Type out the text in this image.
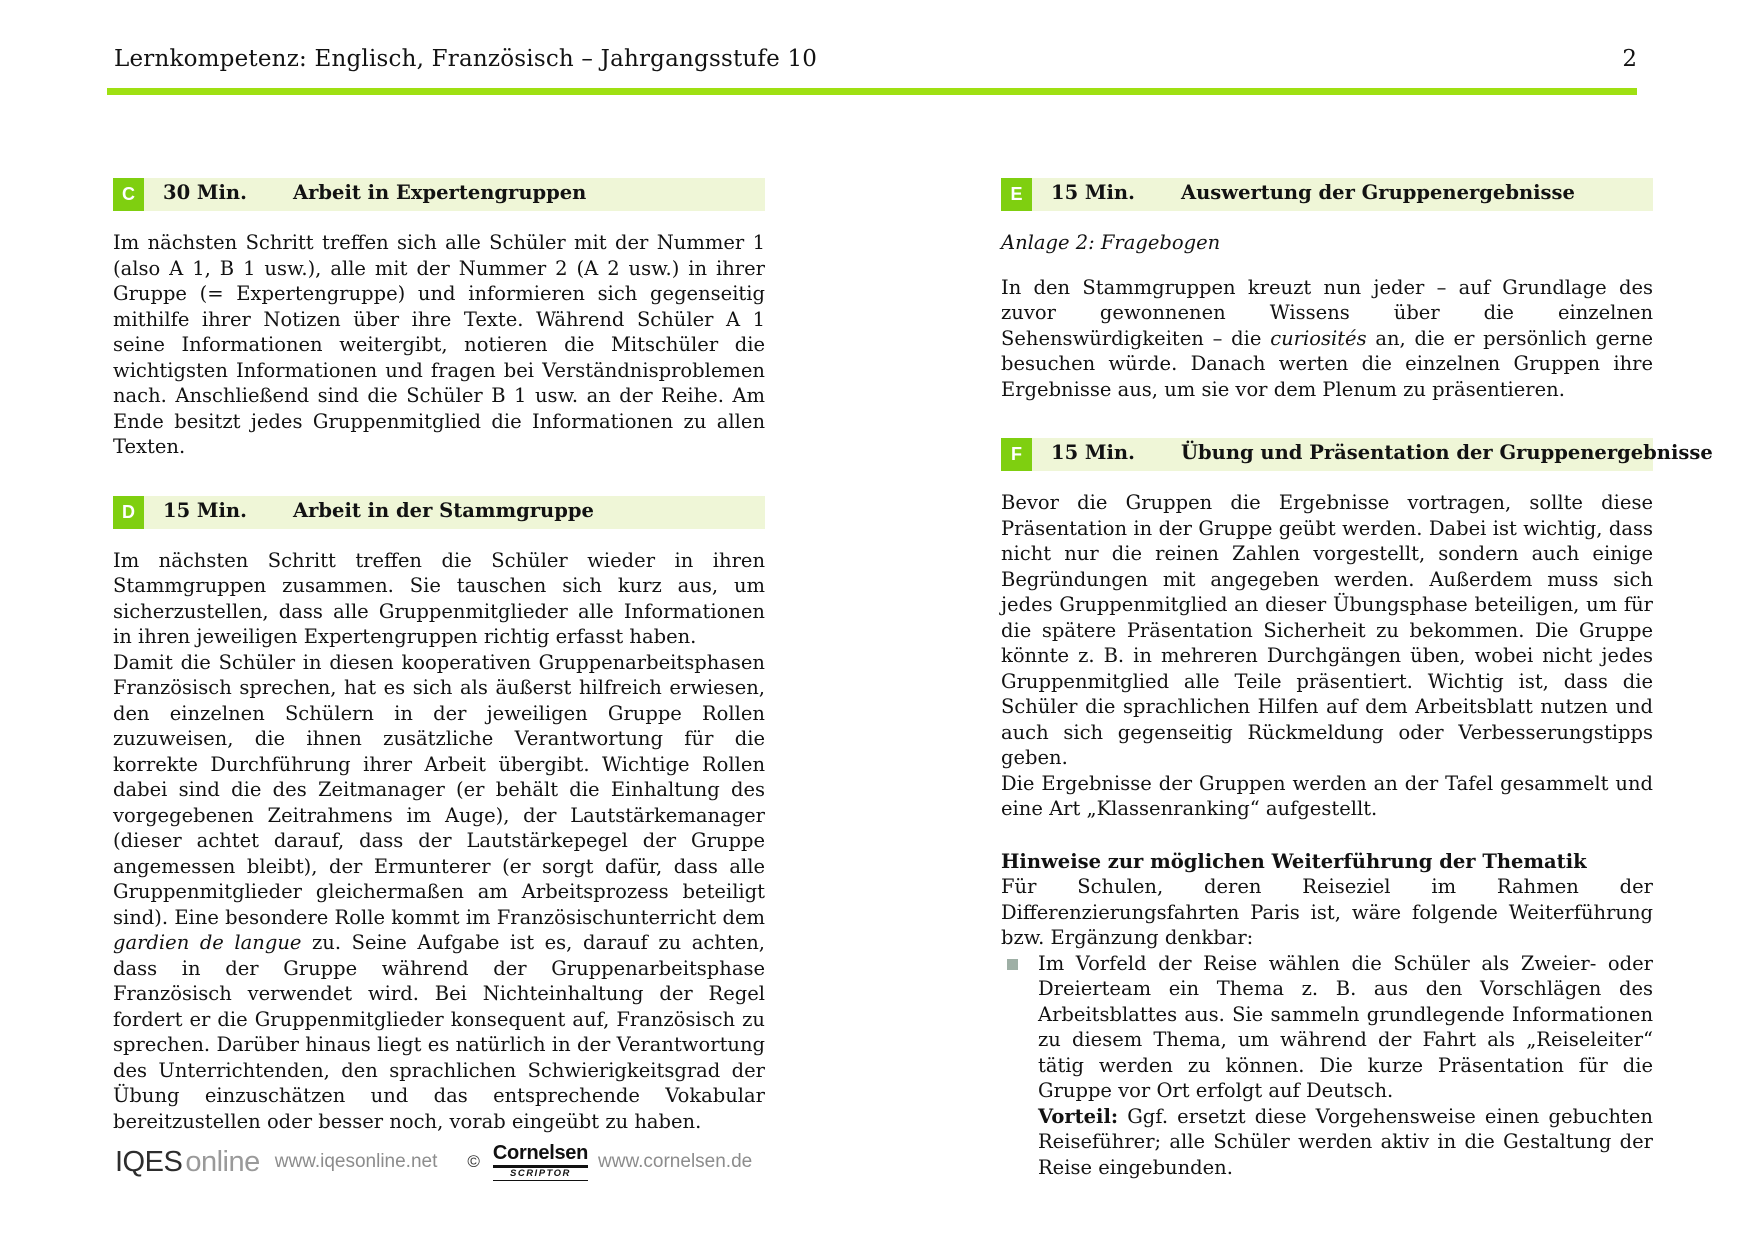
Lernkompetenz: Englisch, Französisch – Jahrgangsstufe 10	2
C	30 Min. Arbeit in Expertengruppen

Im nächsten Schritt treffen sich alle Schüler mit der Nummer 1 (also A 1, B 1 usw.), alle mit der Nummer 2 (A 2 usw.) in ihrer Gruppe (= Expertengruppe) und informieren sich gegenseitig mithilfe ihrer Notizen über ihre Texte. Während Schüler A 1 seine Informationen weitergibt, notieren die Mitschüler die wichtigsten Informationen und fragen bei Verständnisproblemen nach. Anschließend sind die Schüler B 1 usw. an der Reihe. Am Ende besitzt jedes Gruppenmitglied die Informationen zu allen Texten.

D	15 Min. Arbeit in der Stammgruppe

Im nächsten Schritt treffen die Schüler wieder in ihren Stammgruppen zusammen. Sie tauschen sich kurz aus, um sicherzustellen, dass alle Gruppenmitglieder alle Informationen in ihren jeweiligen Expertengruppen richtig erfasst haben.

Damit die Schüler in diesen kooperativen Gruppenarbeitsphasen Französisch sprechen, hat es sich als äußerst hilfreich erwiesen, den einzelnen Schülern in der jeweiligen Gruppe Rollen zuzuweisen, die ihnen zusätzliche Verantwortung für die korrekte Durchführung ihrer Arbeit übergibt. Wichtige Rollen dabei sind die des Zeitmanager (er behält die Einhaltung des vorgegebenen Zeitrahmens im Auge), der Lautstärkemanager (dieser achtet darauf, dass der Lautstärkepegel der Gruppe angemessen bleibt), der Ermunterer (er sorgt dafür, dass alle Gruppenmitglieder gleichermaßen am Arbeitsprozess beteiligt sind). Eine besondere Rolle kommt im Französischunterricht dem gardien de langue zu. Seine Aufgabe ist es, darauf zu achten, dass in der Gruppe während der Gruppenarbeitsphase Französisch verwendet wird. Bei Nichteinhaltung der Regel fordert er die Gruppenmitglieder konsequent auf, Französisch zu sprechen. Darüber hinaus liegt es natürlich in der Verantwortung des Unterrichtenden, den sprachlichen Schwierigkeitsgrad der Übung einzuschätzen und das entsprechende Vokabular bereitzustellen oder besser noch, vorab eingeübt zu haben.

E	15 Min. Auswertung der Gruppenergebnisse
Anlage 2: Fragebogen

In den Stammgruppen kreuzt nun jeder – auf Grundlage des zuvor gewonnenen Wissens über die einzelnen Sehenswürdigkeiten – die curiosités an, die er persönlich gerne besuchen würde. Danach werten die einzelnen Gruppen ihre Ergebnisse aus, um sie vor dem Plenum zu präsentieren.

F	15 Min. Übung und Präsentation der Gruppenergebnisse

Bevor die Gruppen die Ergebnisse vortragen, sollte diese Präsentation in der Gruppe geübt werden. Dabei ist wichtig, dass nicht nur die reinen Zahlen vorgestellt, sondern auch einige Begründungen mit angegeben werden. Außerdem muss sich jedes Gruppenmitglied an dieser Übungsphase beteiligen, um für die spätere Präsentation Sicherheit zu bekommen. Die Gruppe könnte z. B. in mehreren Durchgängen üben, wobei nicht jedes Gruppenmitglied alle Teile präsentiert. Wichtig ist, dass die Schüler die sprachlichen Hilfen auf dem Arbeitsblatt nutzen und auch sich gegenseitig Rückmeldung oder Verbesserungstipps geben.

Die Ergebnisse der Gruppen werden an der Tafel gesammelt und eine Art „Klassenranking“ aufgestellt.

Hinweise zur möglichen Weiterführung der Thematik

Für Schulen, deren Reiseziel im Rahmen der Differenzierungsfahrten Paris ist, wäre folgende Weiterführung bzw. Ergänzung denkbar:

Im Vorfeld der Reise wählen die Schüler als Zweier- oder Dreierteam ein Thema z. B. aus den Vorschlägen des Arbeitsblattes aus. Sie sammeln grundlegende Informationen zu diesem Thema, um während der Fahrt als „Reiseleiter“ tätig werden zu können. Die kurze Präsentation für die Gruppe vor Ort erfolgt auf Deutsch.

Vorteil: Ggf. ersetzt diese Vorgehensweise einen gebuchten Reiseführer; alle Schüler werden aktiv in die Gestaltung der Reise eingebunden.

IQES online www.iqesonline.net © Cornelsen
SCRIPTOR
www.cornelsen.de
